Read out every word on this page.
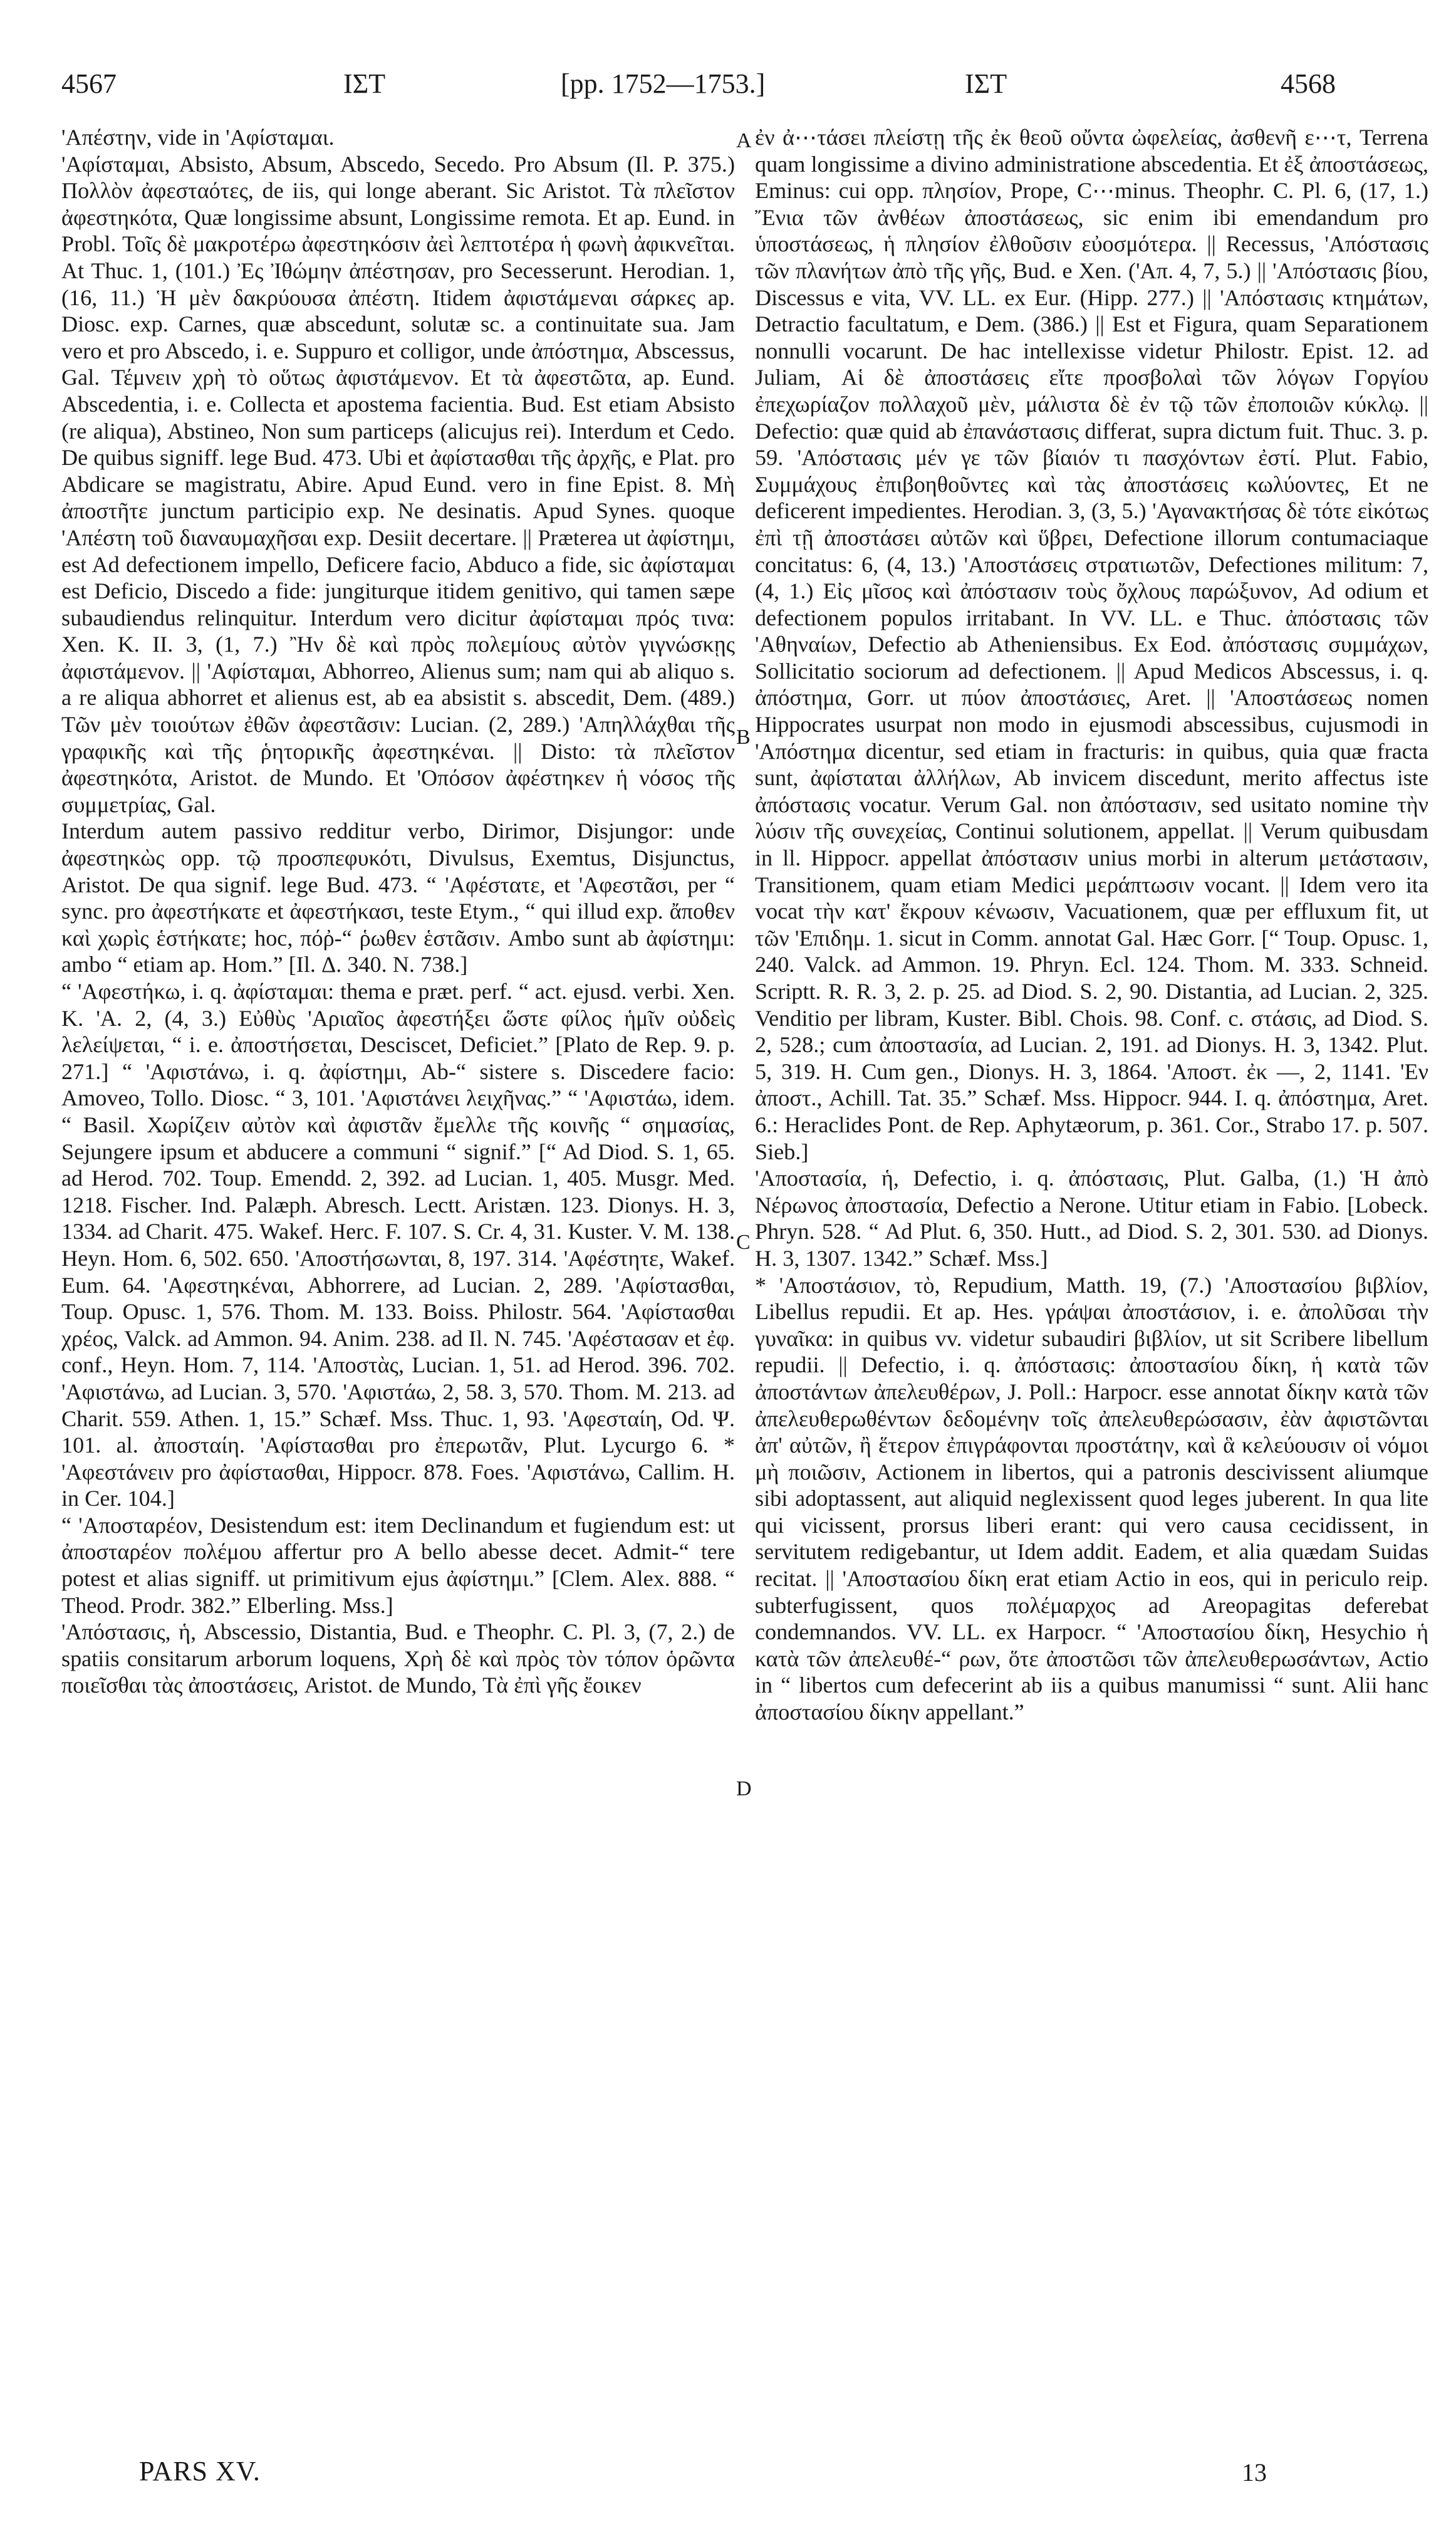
4567	ΙΣΤ	[pp. 1752—1753.]	ΙΣΤ	4568
A
B
C
D

'Απέστην, vide in 'Αφίσταμαι.

'Αφίσταμαι, Absisto, Absum, Abscedo, Secedo. Pro Absum (Il. P. 375.) Πολλὸν ἀφεσταότες, de iis, qui longe aberant. Sic Aristot. Τὰ πλεῖστον ἀφεστηκότα, Quæ longissime absunt, Longissime remota. Et ap. Eund. in Probl. Τοῖς δὲ μακροτέρω ἀφεστηκόσιν ἀεὶ λεπτοτέρα ἡ φωνὴ ἀφικνεῖται. At Thuc. 1, (101.) Ἐς Ἰθώμην ἀπέστησαν, pro Secesserunt. Herodian. 1, (16, 11.) Ἡ μὲν δακρύουσα ἀπέστη. Itidem ἀφιστάμεναι σάρκες ap. Diosc. exp. Carnes, quæ abscedunt, solutæ sc. a continuitate sua. Jam vero et pro Abscedo, i. e. Suppuro et colligor, unde ἀπόστημα, Abscessus, Gal. Τέμνειν χρὴ τὸ οὕτως ἀφιστάμενον. Et τὰ ἀφεστῶτα, ap. Eund. Abscedentia, i. e. Collecta et apostema facientia. Bud. Est etiam Absisto (re aliqua), Abstineo, Non sum particeps (alicujus rei). Interdum et Cedo. De quibus signiff. lege Bud. 473. Ubi et ἀφίστασθαι τῆς ἀρχῆς, e Plat. pro Abdicare se magistratu, Abire. Apud Eund. vero in fine Epist. 8. Μὴ ἀποστῆτε junctum participio exp. Ne desinatis. Apud Synes. quoque 'Απέστη τοῦ διαναυμαχῆσαι exp. Desiit decertare. || Præterea ut ἀφίστημι, est Ad defectionem impello, Deficere facio, Abduco a fide, sic ἀφίσταμαι est Deficio, Discedo a fide: jungiturque itidem genitivo, qui tamen sæpe subaudiendus relinquitur. Interdum vero dicitur ἀφίσταμαι πρός τινα: Xen. K. II. 3, (1, 7.) Ἢν δὲ καὶ πρὸς πολεμίους αὐτὸν γιγνώσκῃς ἀφιστάμενον. || 'Αφίσταμαι, Abhorreo, Alienus sum; nam qui ab aliquo s. a re aliqua abhorret et alienus est, ab ea absistit s. abscedit, Dem. (489.) Τῶν μὲν τοιούτων ἐθῶν ἀφεστᾶσιν: Lucian. (2, 289.) 'Απηλλάχθαι τῆς γραφικῆς καὶ τῆς ῥητορικῆς ἀφεστηκέναι. || Disto: τὰ πλεῖστον ἀφεστηκότα, Aristot. de Mundo. Et 'Οπόσον ἀφέστηκεν ἡ νόσος τῆς συμμετρίας, Gal.

Interdum autem passivo redditur verbo, Dirimor, Disjungor: unde ἀφεστηκὼς opp. τῷ προσπεφυκότι, Divulsus, Exemtus, Disjunctus, Aristot. De qua signif. lege Bud. 473. “ 'Αφέστατε, et 'Αφεστᾶσι, per “ sync. pro ἀφεστήκατε et ἀφεστήκασι, teste Etym., “ qui illud exp. ἄποθεν καὶ χωρὶς ἑστήκατε; hoc, πόῤ-“ ῥωθεν ἑστᾶσιν. Ambo sunt ab ἀφίστημι: ambo “ etiam ap. Hom.” [Il. Δ. 340. N. 738.]

“ 'Αφεστήκω, i. q. ἀφίσταμαι: thema e præt. perf. “ act. ejusd. verbi. Xen. K. 'A. 2, (4, 3.) Εὐθὺς 'Αριαῖος ἀφεστήξει ὥστε φίλος ἡμῖν οὐδεὶς λελείψεται, “ i. e. ἀποστήσεται, Desciscet, Deficiet.” [Plato de Rep. 9. p. 271.] “ 'Αφιστάνω, i. q. ἀφίστημι, Ab-“ sistere s. Discedere facio: Amoveo, Tollo. Diosc. “ 3, 101. 'Αφιστάνει λειχῆνας.” “ 'Αφιστάω, idem. “ Basil. Χωρίζειν αὐτὸν καὶ ἀφιστᾶν ἔμελλε τῆς κοινῆς “ σημασίας, Sejungere ipsum et abducere a communi “ signif.” [“ Ad Diod. S. 1, 65. ad Herod. 702. Toup. Emendd. 2, 392. ad Lucian. 1, 405. Musgr. Med. 1218. Fischer. Ind. Palæph. Abresch. Lectt. Aristæn. 123. Dionys. H. 3, 1334. ad Charit. 475. Wakef. Herc. F. 107. S. Cr. 4, 31. Kuster. V. M. 138. Heyn. Hom. 6, 502. 650. 'Αποστήσωνται, 8, 197. 314. 'Αφέστητε, Wakef. Eum. 64. 'Αφεστηκέναι, Abhorrere, ad Lucian. 2, 289. 'Αφίστασθαι, Toup. Opusc. 1, 576. Thom. M. 133. Boiss. Philostr. 564. 'Αφίστασθαι χρέος, Valck. ad Ammon. 94. Anim. 238. ad Il. N. 745. 'Αφέστασαν et ἐφ. conf., Heyn. Hom. 7, 114. 'Αποστὰς, Lucian. 1, 51. ad Herod. 396. 702. 'Αφιστάνω, ad Lucian. 3, 570. 'Αφιστάω, 2, 58. 3, 570. Thom. M. 213. ad Charit. 559. Athen. 1, 15.” Schæf. Mss. Thuc. 1, 93. 'Αφεσταίη, Od. Ψ. 101. al. ἀποσταίη. 'Αφίστασθαι pro ἐπερωτᾶν, Plut. Lycurgo 6. * 'Αφεστάνειν pro ἀφίστασθαι, Hippocr. 878. Foes. 'Αφιστάνω, Callim. H. in Cer. 104.]

“ 'Αποσταρέον, Desistendum est: item Declinandum et fugiendum est: ut ἀποσταρέον πολέμου affertur pro A bello abesse decet. Admit-“ tere potest et alias signiff. ut primitivum ejus ἀφίστημι.” [Clem. Alex. 888. “ Theod. Prodr. 382.” Elberling. Mss.]

'Απόστασις, ἡ, Abscessio, Distantia, Bud. e Theophr. C. Pl. 3, (7, 2.) de spatiis consitarum arborum loquens, Χρὴ δὲ καὶ πρὸς τὸν τόπον ὁρῶντα ποιεῖσθαι τὰς ἀποστάσεις, Aristot. de Mundo, Τὰ ἐπὶ γῆς ἔοικεν

ἐν ἀ⋯τάσει πλείστῃ τῆς ἐκ θεοῦ οὔντα ὠφελείας, ἀσθενῆ ε⋯τ, Terrena quam longissime a divino administratione abscedentia. Et ἐξ ἀποστάσεως, Eminus: cui opp. πλησίον, Prope, C⋯minus. Theophr. C. Pl. 6, (17, 1.) Ἔνια τῶν ἀνθέων ἀποστάσεως, sic enim ibi emendandum pro ὑποστάσεως, ἡ πλησίον ἐλθοῦσιν εὐοσμότερα. || Recessus, 'Απόστασις τῶν πλανήτων ἀπὸ τῆς γῆς, Bud. e Xen. ('Απ. 4, 7, 5.) || 'Απόστασις βίου, Discessus e vita, VV. LL. ex Eur. (Hipp. 277.) || 'Απόστασις κτημάτων, Detractio facultatum, e Dem. (386.) || Est et Figura, quam Separationem nonnulli vocarunt. De hac intellexisse videtur Philostr. Epist. 12. ad Juliam, Αἱ δὲ ἀποστάσεις εἴτε προσβολαὶ τῶν λόγων Γοργίου ἐπεχωρίαζον πολλαχοῦ μὲν, μάλιστα δὲ ἐν τῷ τῶν ἐποποιῶν κύκλῳ. || Defectio: quæ quid ab ἐπανάστασις differat, supra dictum fuit. Thuc. 3. p. 59. 'Απόστασις μέν γε τῶν βίαιόν τι πασχόντων ἐστί. Plut. Fabio, Συμμάχους ἐπιβοηθοῦντες καὶ τὰς ἀποστάσεις κωλύοντες, Et ne deficerent impedientes. Herodian. 3, (3, 5.) 'Αγανακτήσας δὲ τότε εἰκότως ἐπὶ τῇ ἀποστάσει αὐτῶν καὶ ὕβρει, Defectione illorum contumaciaque concitatus: 6, (4, 13.) 'Αποστάσεις στρατιωτῶν, Defectiones militum: 7, (4, 1.) Εἰς μῖσος καὶ ἀπόστασιν τοὺς ὄχλους παρώξυνον, Ad odium et defectionem populos irritabant. In VV. LL. e Thuc. ἀπόστασις τῶν 'Αθηναίων, Defectio ab Atheniensibus. Ex Eod. ἀπόστασις συμμάχων, Sollicitatio sociorum ad defectionem. || Apud Medicos Abscessus, i. q. ἀπόστημα, Gorr. ut πύον ἀποστάσιες, Aret. || 'Αποστάσεως nomen Hippocrates usurpat non modo in ejusmodi abscessibus, cujusmodi in 'Απόστημα dicentur, sed etiam in fracturis: in quibus, quia quæ fracta sunt, ἀφίσταται ἀλλήλων, Ab invicem discedunt, merito affectus iste ἀπόστασις vocatur. Verum Gal. non ἀπόστασιν, sed usitato nomine τὴν λύσιν τῆς συνεχείας, Continui solutionem, appellat. || Verum quibusdam in ll. Hippocr. appellat ἀπόστασιν unius morbi in alterum μετάστασιν, Transitionem, quam etiam Medici μεράπτωσιν vocant. || Idem vero ita vocat τὴν κατ' ἔκρουν κένωσιν, Vacuationem, quæ per effluxum fit, ut τῶν 'Επιδημ. 1. sicut in Comm. annotat Gal. Hæc Gorr. [“ Toup. Opusc. 1, 240. Valck. ad Ammon. 19. Phryn. Ecl. 124. Thom. M. 333. Schneid. Scriptt. R. R. 3, 2. p. 25. ad Diod. S. 2, 90. Distantia, ad Lucian. 2, 325. Venditio per libram, Kuster. Bibl. Chois. 98. Conf. c. στάσις, ad Diod. S. 2, 528.; cum ἀποστασία, ad Lucian. 2, 191. ad Dionys. H. 3, 1342. Plut. 5, 319. H. Cum gen., Dionys. H. 3, 1864. 'Αποστ. ἐκ —, 2, 1141. 'Εν ἀποστ., Achill. Tat. 35.” Schæf. Mss. Hippocr. 944. I. q. ἀπόστημα, Aret. 6.: Heraclides Pont. de Rep. Aphytæorum, p. 361. Cor., Strabo 17. p. 507. Sieb.]

'Αποστασία, ἡ, Defectio, i. q. ἀπόστασις, Plut. Galba, (1.) Ἡ ἀπὸ Νέρωνος ἀποστασία, Defectio a Nerone. Utitur etiam in Fabio. [Lobeck. Phryn. 528. “ Ad Plut. 6, 350. Hutt., ad Diod. S. 2, 301. 530. ad Dionys. H. 3, 1307. 1342.” Schæf. Mss.]

* 'Αποστάσιον, τὸ, Repudium, Matth. 19, (7.) 'Αποστασίου βιβλίον, Libellus repudii. Et ap. Hes. γράψαι ἀποστάσιον, i. e. ἀπολῦσαι τὴν γυναῖκα: in quibus vv. videtur subaudiri βιβλίον, ut sit Scribere libellum repudii. || Defectio, i. q. ἀπόστασις: ἀποστασίου δίκη, ἡ κατὰ τῶν ἀποστάντων ἀπελευθέρων, J. Poll.: Harpocr. esse annotat δίκην κατὰ τῶν ἀπελευθερωθέντων δεδομένην τοῖς ἀπελευθερώσασιν, ἐὰν ἀφιστῶνται ἀπ' αὐτῶν, ἢ ἕτερον ἐπιγράφονται προστάτην, καὶ ἃ κελεύουσιν οἱ νόμοι μὴ ποιῶσιν, Actionem in libertos, qui a patronis descivissent aliumque sibi adoptassent, aut aliquid neglexissent quod leges juberent. In qua lite qui vicissent, prorsus liberi erant: qui vero causa cecidissent, in servitutem redigebantur, ut Idem addit. Eadem, et alia quædam Suidas recitat. || 'Αποστασίου δίκη erat etiam Actio in eos, qui in periculo reip. subterfugissent, quos πολέμαρχος ad Areopagitas deferebat condemnandos. VV. LL. ex Harpocr. “ 'Αποστασίου δίκη, Hesychio ἡ κατὰ τῶν ἀπελευθέ-“ ρων, ὅτε ἀποστῶσι τῶν ἀπελευθερωσάντων, Actio in “ libertos cum defecerint ab iis a quibus manumissi “ sunt. Alii hanc ἀποστασίου δίκην appellant.”

PARS XV.	13
